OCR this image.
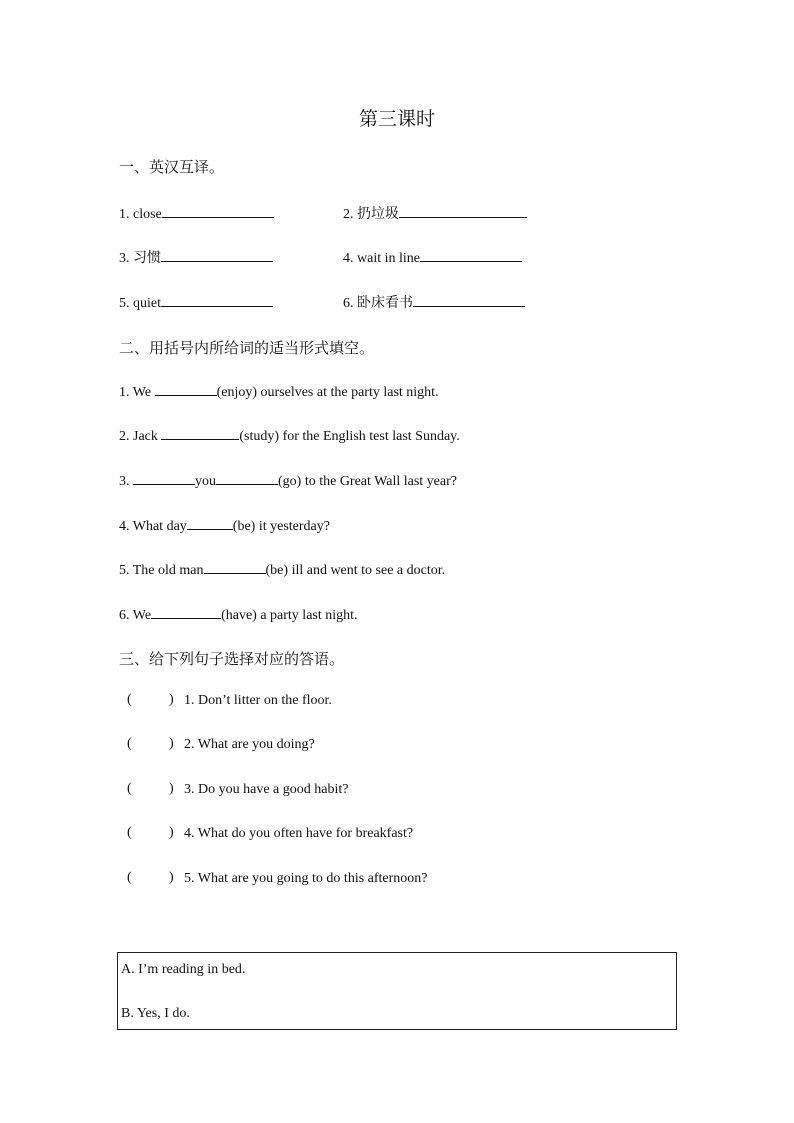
第三课时
一、英汉互译。
1. close	2. 扔垃圾
3. 习惯	4. wait in line
5. quiet	6. 卧床看书
二、用括号内所给词的适当形式填空。
1. We	(enjoy) ourselves at the party last night.
2. Jack	(study) for the English test last Sunday.
3.	you	(go) to the Great Wall last year?
4. What day	(be) it yesterday?
5. The old man	(be) ill and went to see a doctor.
6. We	(have) a party last night.
三、给下列句子选择对应的答语。
(	) 1. Don’t litter on the floor.
(	) 2. What are you doing?
(	) 3. Do you have a good habit?
(	) 4. What do you often have for breakfast?
(	) 5. What are you going to do this afternoon?
A. I’m reading in bed.
B. Yes, I do.
